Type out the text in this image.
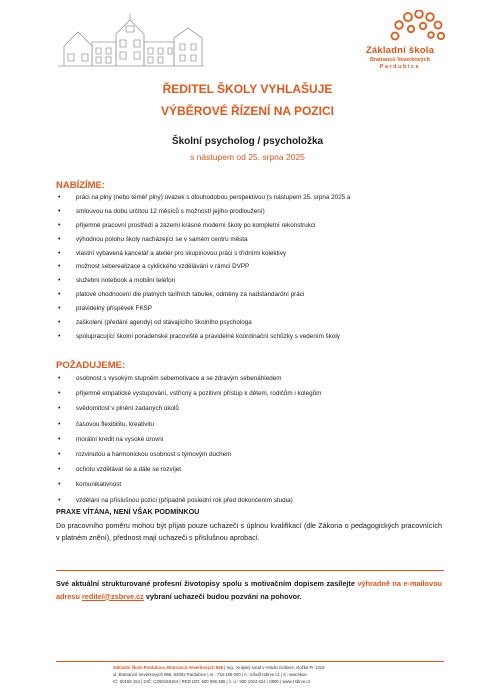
Základní škola
Bratranců Veverkových
Pardubice
ŘEDITEL ŠKOLY VYHLAŠUJE
VÝBĚROVÉ ŘÍZENÍ NA POZICI
Školní psycholog / psycholožka
s nástupem od 25. srpna 2025
NABÍZÍME:
• práci na plný (nebo téměř plný) úvazek s dlouhodobou perspektivou (s nástupem 25. srpna 2025 a
• smlouvou na dobu určitou 12 měsíců s možností jejího prodloužení)
• příjemné pracovní prostředí a zázemí krásné moderní školy po kompletní rekonstrukci
• výhodnou polohu školy nacházející se v samém centru města
• vlastní vybavená kancelář a ateliér pro skupinovou práci s třídními kolektivy
• možnost seberealizace a cyklického vzdělávání v rámci DVPP
• služební notebook a mobilní telefon
• platové ohodnocení dle platných tarifních tabulek, odměny za nadstandardní práci
• pravidelný příspěvek FKSP
• zaškolení (předání agendy) od stávajícího školního psychologa
• spolupracující školní poradenské pracoviště a pravidelné koordinační schůzky s vedením školy
POŽADUJEME:
• osobnost s vysokým stupněm sebemotivace a se zdravým sebenáhledem
• příjemné empatické vystupování, vstřícný a pozitivní přístup k dětem, rodičům i kolegům
• svědomitost v plnění zadaných úkolů
• časovou flexibilitu, kreativitu
• morální kredit na vysoké úrovni
• rozvinutou a harmonickou osobnost s týmovým duchem
• ochotu vzdělávat se a dále se rozvíjet
• komunikativnost
• vzdělání na příslušnou pozici (případně poslední rok před dokončením studia)
PRAXE VÍTÁNA, NENÍ VŠAK PODMÍNKOU

Do pracovního poměru mohou být přijati pouze uchazeči s úplnou kvalifikací (dle Zákona o pedagogických pracovnících v platném znění), přednost mají uchazeči s příslušnou aprobací.

Své aktuální strukturované profesní životopisy spolu s motivačním dopisem zasílejte výhradně na e-mailovou adresu reditel@zsbrve.cz vybraní uchazeči budou pozváni na pohovor.

Základní škola Pardubice, Bratranců Veverkových 866 | reg.: Krajský soud v Hradci Králové, vložka Pr 1319
ul. Bratranců Veverkových 866, 53002 Pardubice | m.: 734 169 000 | e.: info@zsbrve.cz | d.: wwchkue
IČ: 60159 154 | DIČ: CZ60159154 | RED IZO: 600 096 386 | č. ú.: 930 1024 524 / 0800 | www.zsbrve.cz
